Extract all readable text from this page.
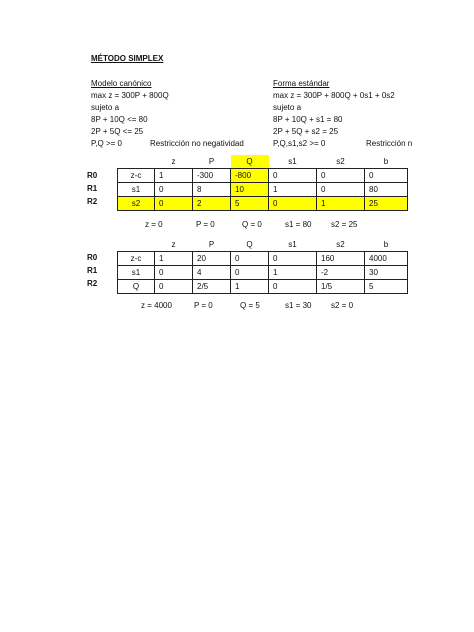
MÉTODO SIMPLEX
Modelo canónico
max z = 300P + 800Q
sujeto a
8P + 10Q <= 80
2P + 5Q <= 25
P,Q >= 0	Restricción no negatividad
Forma estándar
max z = 300P + 800Q + 0s1 + 0s2
sujeto a
8P + 10Q + s1 = 80
2P + 5Q + s2 = 25
P,Q,s1,s2 >= 0	Restricción n
R0
R1
R2
	z	P	Q	s1	s2	b
z-c	1	-300	-800	0	0	0
s1	0	8	10	1	0	80
s2	0	2	5	0	1	25
z = 0	P = 0	Q = 0	s1 = 80 s2 = 25
R0
R1
R2
	z	P	Q	s1	s2	b
z-c	1	20	0	0	160	4000
s1	0	4	0	1	-2	30
Q	0	2/5	1	0	1/5	5
z = 4000	P = 0	Q = 5	s1 = 30 s2 = 0
